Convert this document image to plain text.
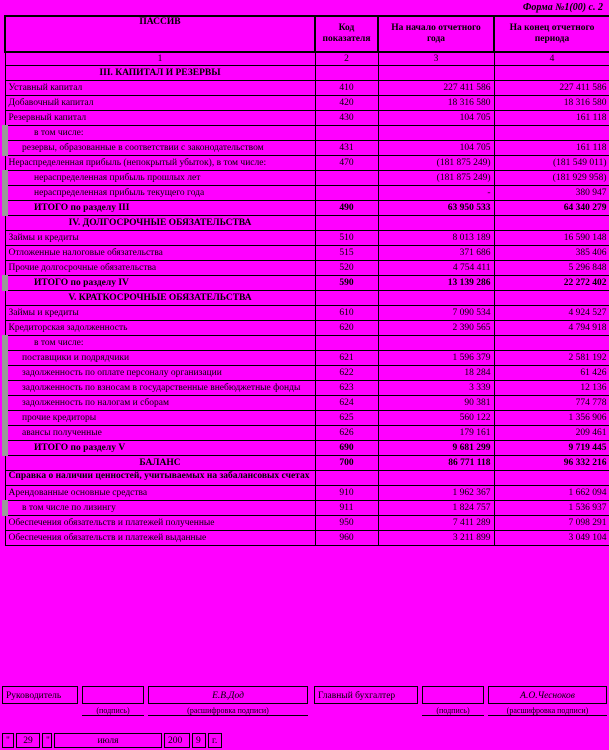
Форма №1(00) с. 2
ПАССИВ	Код показателя	На начало отчетного года	На конец отчетного периода
1	2	3	4
III. КАПИТАЛ И РЕЗЕРВЫ			
Уставный капитал	410	227 411 586	227 411 586
Добавочный капитал	420	18 316 580	18 316 580
Резервный капитал	430	104 705	161 118
в том числе:			
резервы, образованные в соответствии с законодательством	431	104 705	161 118
Нераспределенная прибыль (непокрытый убыток), в том числе:	470	(181 875 249)	(181 549 011)
нераспределенная прибыль прошлых лет		(181 875 249)	(181 929 958)
нераспределенная прибыль текущего года		-	380 947
ИТОГО по разделу III	490	63 950 533	64 340 279
IV. ДОЛГОСРОЧНЫЕ ОБЯЗАТЕЛЬСТВА			
Займы и кредиты	510	8 013 189	16 590 148
Отложенные налоговые обязательства	515	371 686	385 406
Прочие долгосрочные обязательства	520	4 754 411	5 296 848
ИТОГО по разделу IV	590	13 139 286	22 272 402
V. КРАТКОСРОЧНЫЕ ОБЯЗАТЕЛЬСТВА			
Займы и кредиты	610	7 090 534	4 924 527
Кредиторская задолженность	620	2 390 565	4 794 918
в том числе:			
поставщики и подрядчики	621	1 596 379	2 581 192
задолженность по оплате персоналу организации	622	18 284	61 426
задолженность по взносам в государственные внебюджетные фонды	623	3 339	12 136
задолженность по налогам и сборам	624	90 381	774 778
прочие кредиторы	625	560 122	1 356 906
авансы полученные	626	179 161	209 461
ИТОГО по разделу V	690	9 681 299	9 719 445
БАЛАНС	700	86 771 118	96 332 216
Справка о наличии ценностей, учитываемых на забалансовых счетах			
Арендованные основные средства	910	1 962 367	1 662 094
в том числе по лизингу	911	1 824 757	1 536 937
Обеспечения обязательств и платежей полученные	950	7 411 289	7 098 291
Обеспечения обязательств и платежей выданные	960	3 211 899	3 049 104
Руководитель	Е.В.Дод	Главный бухгалтер	А.О.Чесноков
(подпись)	(расшифровка подписи)	(подпись)	(расшифровка подписи)
"	29	"	июля	200	9	г.
